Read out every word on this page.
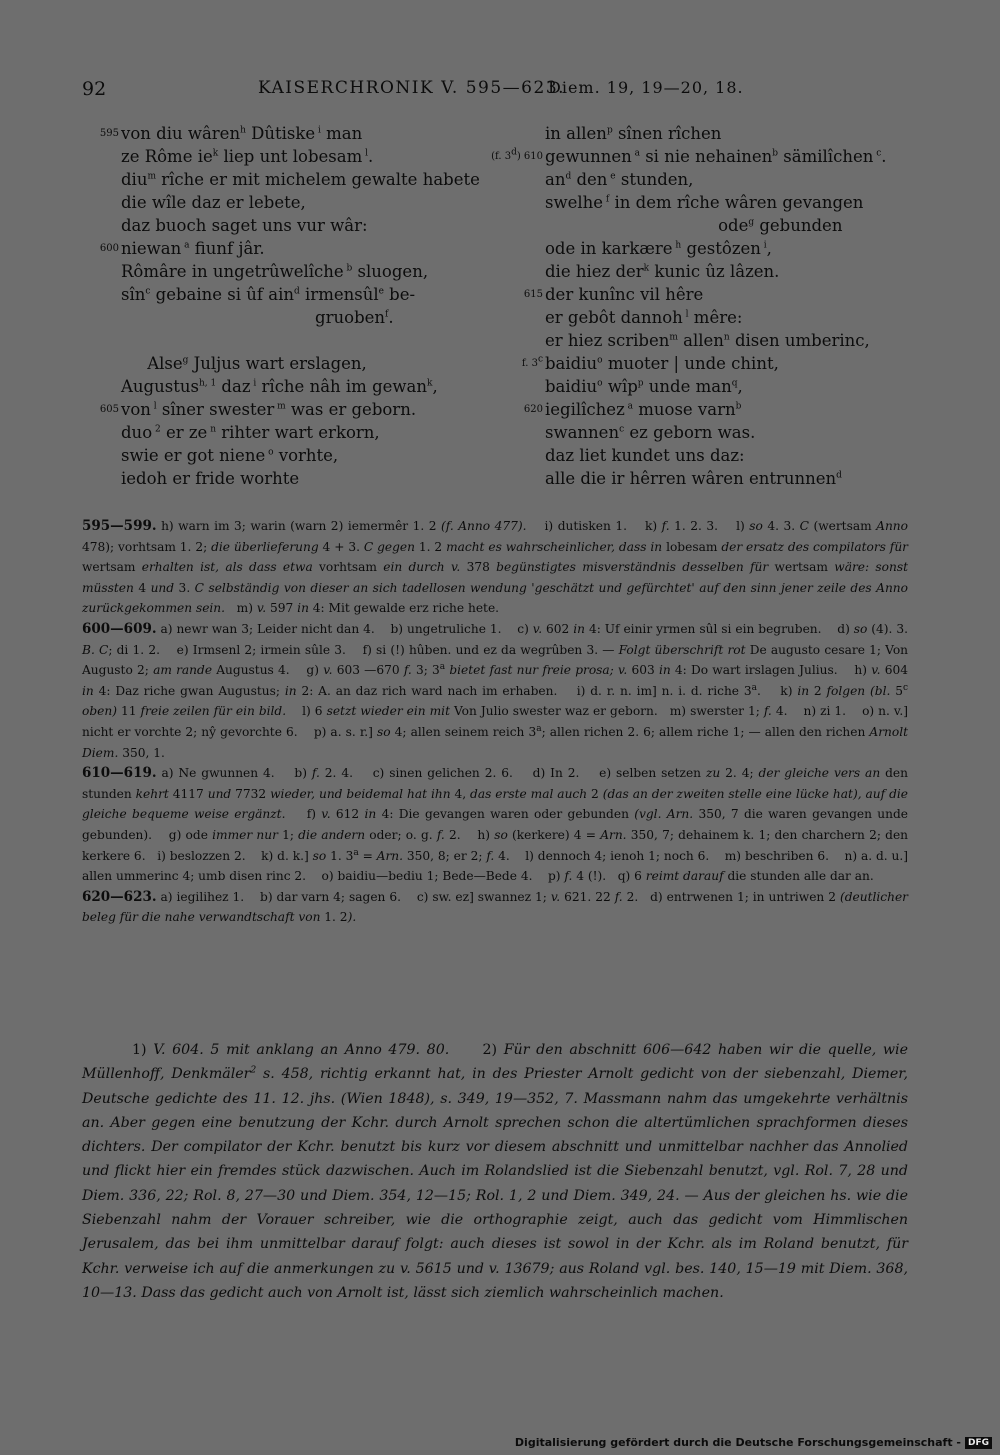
92	KAISERCHRONIK V. 595—623.
Diem. 19, 19—20, 18.
von diu wâren$^h$ Dûtiske $^i$ man
595
ze Rôme $ie^k$ liep unt lobesam $^l$.
diu$^m$ rîche er mit michelem gewalte habete
die wîle daz er lebete,
daz buoch saget uns vur wâr:
niewan $^a$ fiunf jâr.
600
Rômâre in ungetrûwelîche $^b$ sluogen,
sîn$^c$ gebaine si ûf ain$^d$ irmensûl$^e$ be-
gruoben$^f$.
Alse$^g$ Juljus wart erslagen,
Augustus$^{h, 1}$ daz $^i$ rîche nâh im gewan$^k$,
von $^l$ sîner swester $^m$ was er geborn.
605
duo $^2$ er ze $^n$ rihter wart erkorn,
swie er got niene $^o$ vorhte,
iedoh er fride worhte
in allen$^p$ sînen rîchen
gewunnen $^a$ si nie nehainen$^b$ sämilîchen $^c$.
(f. 3$^d$) 610
$an^d$ den $^e$ stunden,
swelhe $^f$ in dem rîche wâren gevangen
ode$^g$ gebunden
ode in karkære $^h$ gestôzen $^i$,
die hiez der$^k$ kunic ûz lâzen.
der kunînc vil hêre
615
er gebôt dannoh $^l$ mêre:
er hiez scriben$^m$ allen$^n$ disen umberinc,
baidiu$^o$ muoter | unde chint,
f. 3$^c$
baidiu$^o$ wîp$^p$ unde man$^q$,
iegilîchez $^a$ muose varn$^b$
620
swannen$^c$ ez geborn was.
daz liet kundet uns daz:
alle die ir hêrren wâren entrunnen$^d$

595—599. h) warn im 3; warin (warn 2) iemermêr 1. 2 (f. Anno 477).    i) dutisken 1.    k) f. 1. 2. 3.    l) so 4. 3. C (wertsam Anno 478); vorhtsam 1. 2; die überlieferung 4 + 3. C gegen 1. 2 macht es wahrscheinlicher, dass in lobesam der ersatz des compilators für wertsam erhalten ist, als dass etwa vorhtsam ein durch v. 378 begünstigtes misverständnis desselben für wertsam wäre: sonst müssten 4 und 3. C selbständig von dieser an sich tadellosen wendung 'geschätzt und gefürchtet' auf den sinn jener zeile des Anno zurückgekommen sein.   m) v. 597 in 4: Mit gewalde erz riche hete.

600—609. a) newr wan 3; Leider nicht dan 4.    b) ungetruliche 1.    c) v. 602 in 4: Uf einir yrmen sûl si ein begruben.    d) so (4). 3. B. C; di 1. 2.    e) Irmsenl 2; irmein sûle 3.    f) si (!) hûben. und ez da wegrûben 3. — Folgt überschrift rot De augusto cesare 1; Von Augusto 2; am rande Augustus 4.    g) v. 603 —670 f. 3; 3$^a$ bietet fast nur freie prosa; v. 603 in 4: Do wart irslagen Julius.    h) v. 604 in 4: Daz riche gwan Augustus; in 2: A. an daz rich ward nach im erhaben.    i) d. r. n. im] n. i. d. riche 3$^a$.    k) in 2 folgen (bl. 5$^c$ oben) 11 freie zeilen für ein bild.    l) 6 setzt wieder ein mit Von Julio swester waz er geborn.   m) swerster 1; f. 4.    n) zi 1.    o) n. v.] nicht er vorchte 2; nŷ gevorchte 6.    p) a. s. r.] so 4; allen seinem reich 3$^a$; allen richen 2. 6; allem riche 1; — allen den richen Arnolt Diem. 350, 1.

610—619. a) Ne gwunnen 4.    b) f. 2. 4.    c) sinen gelichen 2. 6.    d) In 2.    e) selben setzen zu 2. 4; der gleiche vers an den stunden kehrt 4117 und 7732 wieder, und beidemal hat ihn 4, das erste mal auch 2 (das an der zweiten stelle eine lücke hat), auf die gleiche bequeme weise ergänzt.    f) v. 612 in 4: Die gevangen waren oder gebunden (vgl. Arn. 350, 7 die waren gevangen unde gebunden).    g) ode immer nur 1; die andern oder; o. g. f. 2.    h) so (kerkere) 4 = Arn. 350, 7; dehainem k. 1; den charchern 2; den kerkere 6.   i) beslozzen 2.    k) d. k.] so 1. $3^a$ = Arn. 350, 8; er 2; f. 4.    l) dennoch 4; ienoh 1; noch 6.    m) beschriben 6.    n) a. d. u.] allen ummerinc 4; umb disen rinc 2.    o) baidiu—bediu 1; Bede—Bede 4.    p) f. 4 (!).   q) 6 reimt darauf die stunden alle dar an.

620—623. a) iegilihez 1.    b) dar varn 4; sagen 6.    c) sw. ez] swannez 1; v. 621. 22 f. 2.   d) entrwenen 1; in untriwen 2 (deutlicher beleg für die nahe verwandtschaft von 1. 2).

1) V. 604. 5 mit anklang an Anno 479. 80.     2) Für den abschnitt 606—642 haben wir die quelle, wie Müllenhoff, Denkmäler$^2$ s. 458, richtig erkannt hat, in des Priester Arnolt gedicht von der siebenzahl, Diemer, Deutsche gedichte des 11. 12. jhs. (Wien 1848), s. 349, 19—352, 7. Massmann nahm das umgekehrte verhältnis an. Aber gegen eine benutzung der Kchr. durch Arnolt sprechen schon die altertümlichen sprachformen dieses dichters. Der compilator der Kchr. benutzt bis kurz vor diesem abschnitt und unmittelbar nachher das Annolied und flickt hier ein fremdes stück dazwischen. Auch im Rolandslied ist die Siebenzahl benutzt, vgl. Rol. 7, 28 und Diem. 336, 22; Rol. 8, 27—30 und Diem. 354, 12—15; Rol. 1, 2 und Diem. 349, 24. — Aus der gleichen hs. wie die Siebenzahl nahm der Vorauer schreiber, wie die orthographie zeigt, auch das gedicht vom Himmlischen Jerusalem, das bei ihm unmittelbar darauf folgt: auch dieses ist sowol in der Kchr. als im Roland benutzt, für Kchr. verweise ich auf die anmerkungen zu v. 5615 und v. 13679; aus Roland vgl. bes. 140, 15—19 mit Diem. 368, 10—13. Dass das gedicht auch von Arnolt ist, lässt sich ziemlich wahrscheinlich machen.

Digitalisierung gefördert durch die Deutsche Forschungsgemeinschaft - DFG
